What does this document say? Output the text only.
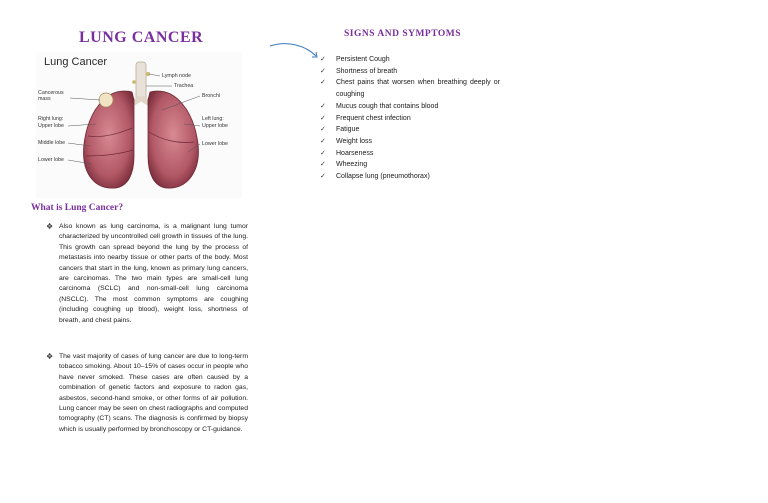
LUNG CANCER
Lung Cancer
Cancerous mass
Lymph node
Trachea
Bronchi
Right lung:
Upper lobe
Middle lobe
Lower lobe
Left lung:
Upper lobe
Lower lobe
What is Lung Cancer?
❖ Also known as lung carcinoma, is a malignant lung tumor characterized by uncontrolled cell growth in tissues of the lung. This growth can spread beyond the lung by the process of metastasis into nearby tissue or other parts of the body. Most cancers that start in the lung, known as primary lung cancers, are carcinomas. The two main types are small-cell lung carcinoma (SCLC) and non-small-cell lung carcinoma (NSCLC). The most common symptoms are coughing (including coughing up blood), weight loss, shortness of breath, and chest pains.
❖ The vast majority of cases of lung cancer are due to long-term tobacco smoking. About 10–15% of cases occur in people who have never smoked. These cases are often caused by a combination of genetic factors and exposure to radon gas, asbestos, second-hand smoke, or other forms of air pollution. Lung cancer may be seen on chest radiographs and computed tomography (CT) scans. The diagnosis is confirmed by biopsy which is usually performed by bronchoscopy or CT-guidance.
SIGNS AND SYMPTOMS
✓ Persistent Cough
✓ Shortness of breath
✓ Chest pains that worsen when breathing deeply or coughing
✓ Mucus cough that contains blood
✓ Frequent chest infection
✓ Fatigue
✓ Weight loss
✓ Hoarseness
✓ Wheezing
✓ Collapse lung (pneumothorax)
